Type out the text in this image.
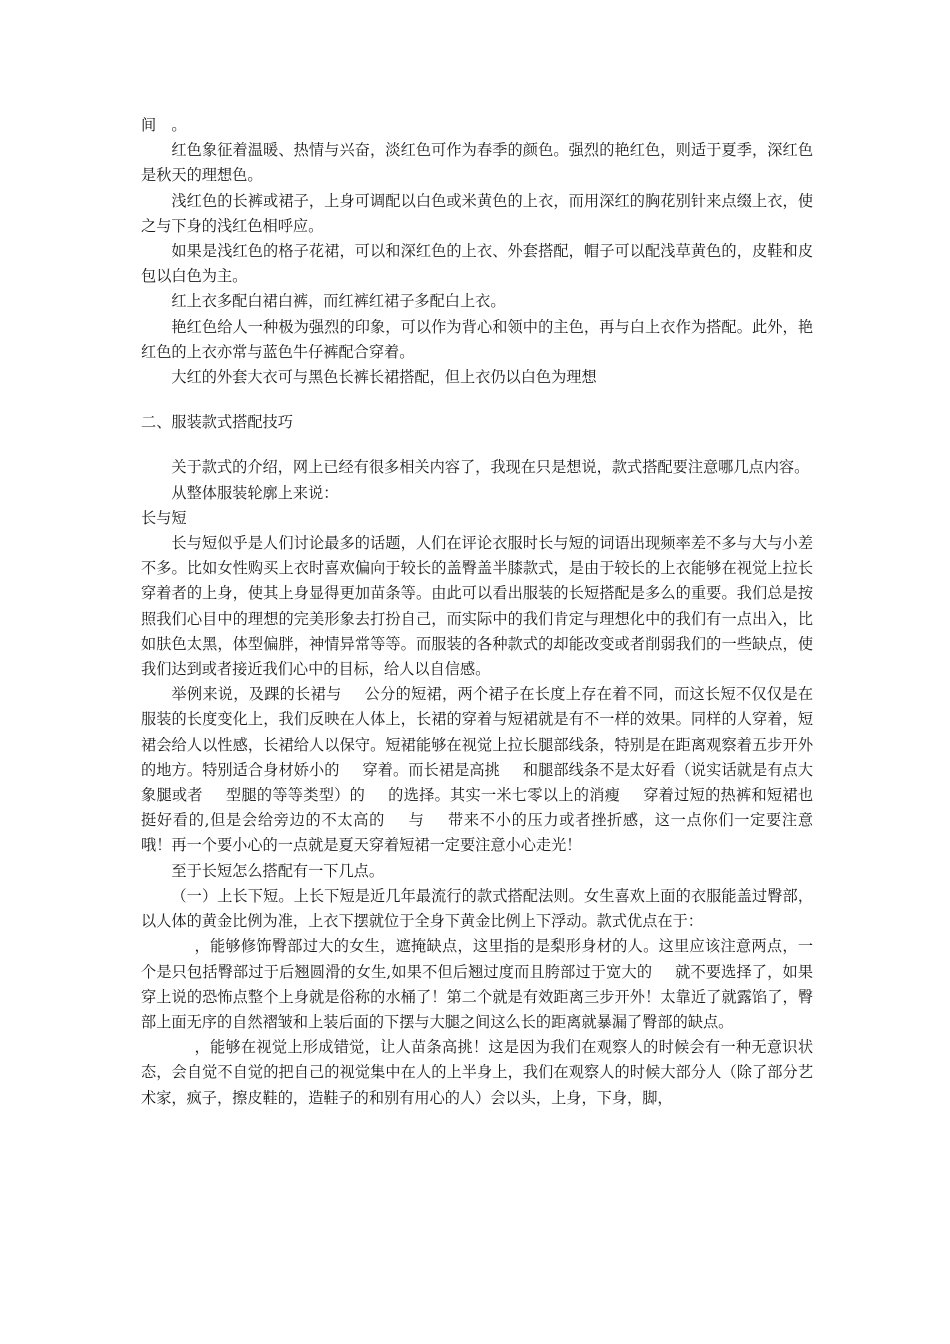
间　。

红色象征着温暖、热情与兴奋，淡红色可作为春季的颜色。强烈的艳红色，则适于夏季，深红色是秋天的理想色。

浅红色的长裤或裙子，上身可调配以白色或米黄色的上衣，而用深红的胸花别针来点缀上衣，使之与下身的浅红色相呼应。

如果是浅红色的格子花裙，可以和深红色的上衣、外套搭配，帽子可以配浅草黄色的，皮鞋和皮包以白色为主。

红上衣多配白裙白裤，而红裤红裙子多配白上衣。

艳红色给人一种极为强烈的印象，可以作为背心和领中的主色，再与白上衣作为搭配。此外，艳红色的上衣亦常与蓝色牛仔裤配合穿着。

大红的外套大衣可与黑色长裤长裙搭配，但上衣仍以白色为理想

二、服装款式搭配技巧

关于款式的介绍，网上已经有很多相关内容了，我现在只是想说，款式搭配要注意哪几点内容。

从整体服装轮廓上来说：

长与短

长与短似乎是人们讨论最多的话题，人们在评论衣服时长与短的词语出现频率差不多与大与小差不多。比如女性购买上衣时喜欢偏向于较长的盖臀盖半膝款式，是由于较长的上衣能够在视觉上拉长穿着者的上身，使其上身显得更加苗条等。由此可以看出服装的长短搭配是多么的重要。我们总是按照我们心目中的理想的完美形象去打扮自己，而实际中的我们肯定与理想化中的我们有一点出入，比如肤色太黑，体型偏胖，神情异常等等。而服装的各种款式的却能改变或者削弱我们的一些缺点，使我们达到或者接近我们心中的目标，给人以自信感。

举例来说，及踝的长裙与 公分的短裙，两个裙子在长度上存在着不同，而这长短不仅仅是在服装的长度变化上，我们反映在人体上，长裙的穿着与短裙就是有不一样的效果。同样的人穿着，短裙会给人以性感，长裙给人以保守。短裙能够在视觉上拉长腿部线条，特别是在距离观察着五步开外的地方。特别适合身材娇小的 穿着。而长裙是高挑 和腿部线条不是太好看（说实话就是有点大象腿或者 型腿的等等类型）的 的选择。其实一米七零以上的消瘦 穿着过短的热裤和短裙也挺好看的,但是会给旁边的不太高的 与 带来不小的压力或者挫折感，这一点你们一定要注意哦！再一个要小心的一点就是夏天穿着短裙一定要注意小心走光！

至于长短怎么搭配有一下几点。

（一）上长下短。上长下短是近几年最流行的款式搭配法则。女生喜欢上面的衣服能盖过臀部，以人体的黄金比例为准，上衣下摆就位于全身下黄金比例上下浮动。款式优点在于：

，能够修饰臀部过大的女生，遮掩缺点，这里指的是梨形身材的人。这里应该注意两点，一个是只包括臀部过于后翘圆滑的女生,如果不但后翘过度而且胯部过于宽大的 就不要选择了，如果穿上说的恐怖点整个上身就是俗称的水桶了！第二个就是有效距离三步开外！太靠近了就露馅了，臀部上面无序的自然褶皱和上装后面的下摆与大腿之间这么长的距离就暴漏了臀部的缺点。

，能够在视觉上形成错觉，让人苗条高挑！这是因为我们在观察人的时候会有一种无意识状态，会自觉不自觉的把自己的视觉集中在人的上半身上，我们在观察人的时候大部分人（除了部分艺术家，疯子，擦皮鞋的，造鞋子的和别有用心的人）会以头，上身，下身，脚，
